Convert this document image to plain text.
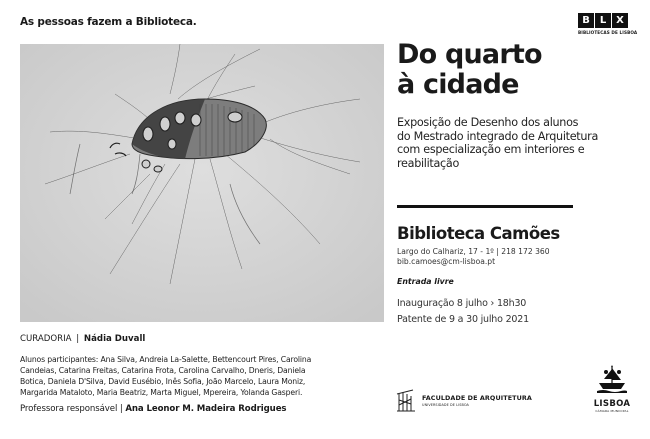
As pessoas fazem a Biblioteca.	B	L X
BIBLIOTECAS DE LISBOA
Do quarto
à cidade
Exposição de Desenho dos alunos
do Mestrado integrado de Arquitetura
com especialização em interiores e
reabilitação
Biblioteca Camões
Largo do Calhariz, 17 - 1º | 218 172 360
bib.camoes@cm-lisboa.pt
Entrada livre
Inauguração 8 julho › 18h30
Patente de 9 a 30 julho 2021
CURADORIA | Nádia Duvall
Alunos participantes: Ana Silva, Andreia La-Salette, Bettencourt Pires, Carolina
Candeias, Catarina Freitas, Catarina Frota, Carolina Carvalho, Dneris, Daniela
Botica, Daniela D'Silva, David Eusébio, Inês Sofia, João Marcelo, Laura Moniz,
Margarida Mataloto, Maria Beatriz, Marta Miguel, Mpereira, Yolanda Gasperi.
Professora responsável | Ana Leonor M. Madeira Rodrigues
FACULDADE DE ARQUITETURA
UNIVERSIDADE DE LISBOA	LISBOA
CÂMARA MUNICIPAL
